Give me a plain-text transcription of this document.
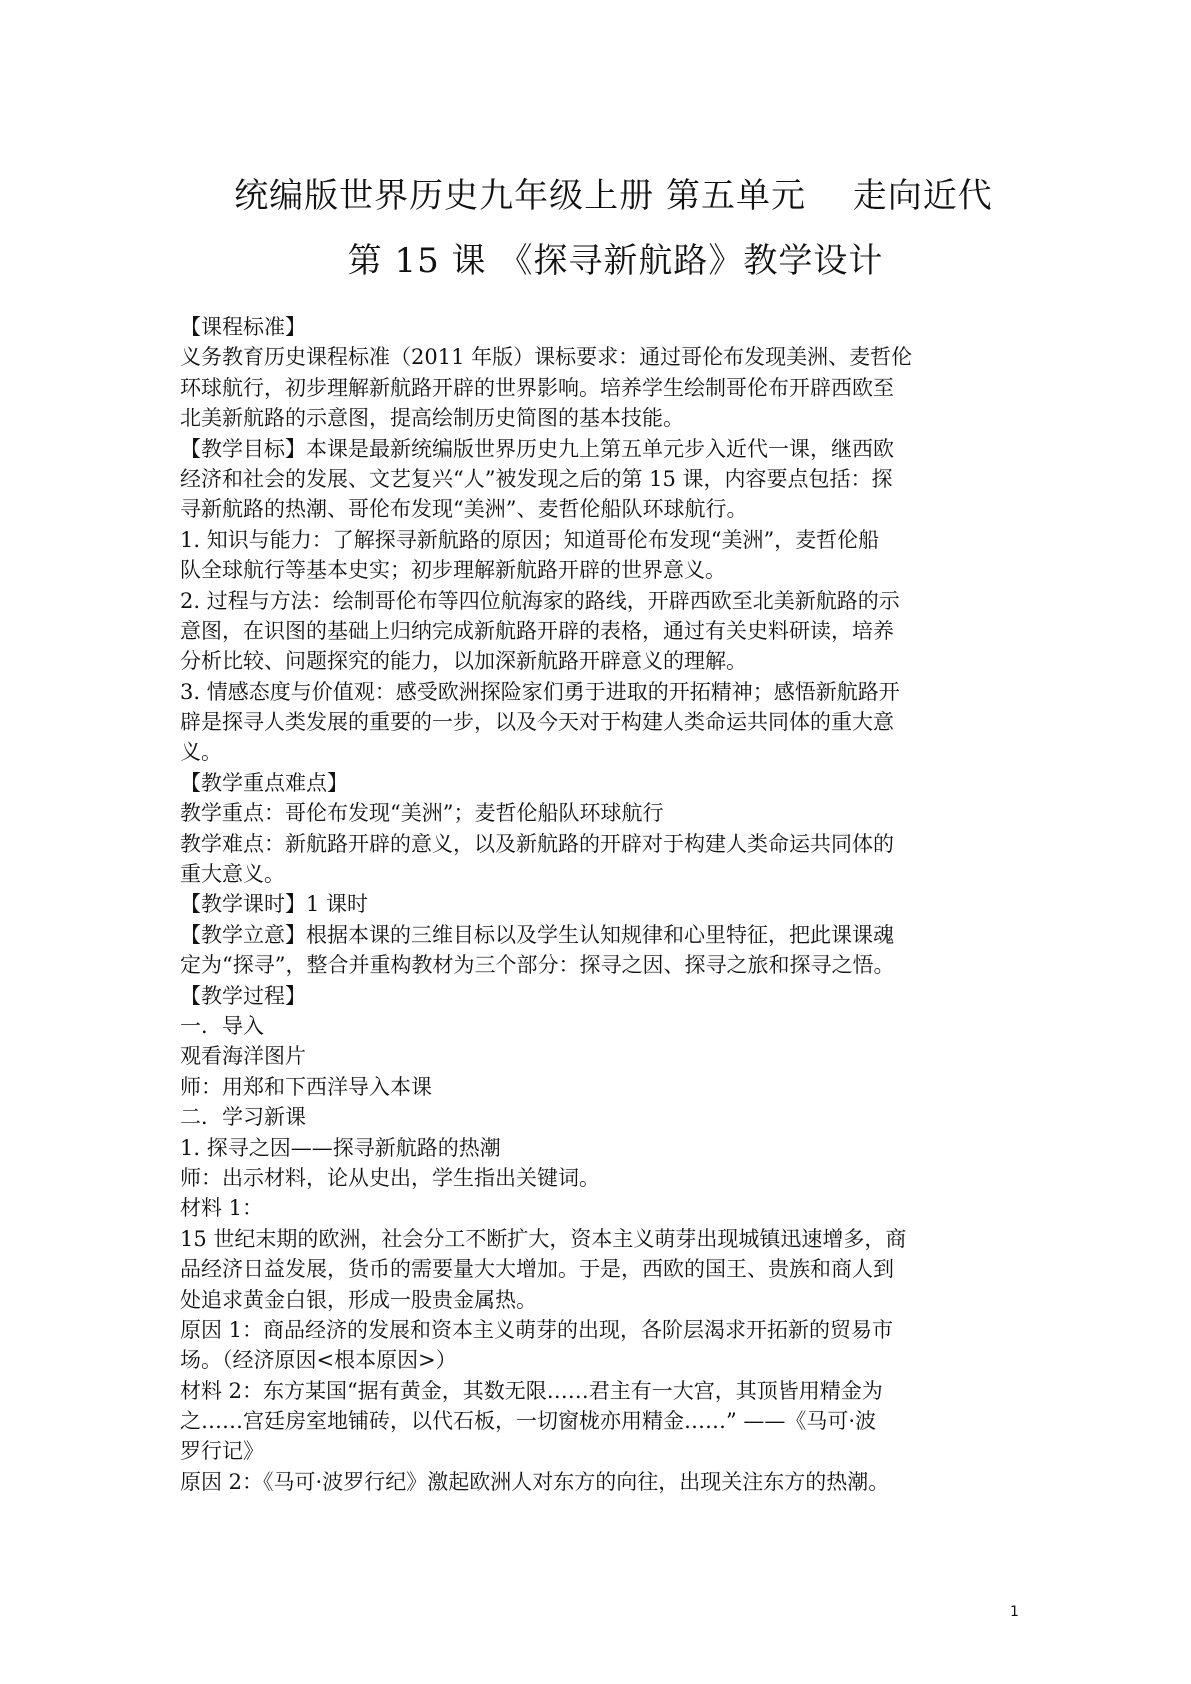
统编版世界历史九年级上册 第五单元　 走向近代
第 15 课 《探寻新航路》教学设计
【课程标准】
义务教育历史课程标准（2011 年版）课标要求：通过哥伦布发现美洲、麦哲伦
环球航行，初步理解新航路开辟的世界影响。培养学生绘制哥伦布开辟西欧至
北美新航路的示意图，提高绘制历史简图的基本技能。
【教学目标】本课是最新统编版世界历史九上第五单元步入近代一课，继西欧
经济和社会的发展、文艺复兴“人”被发现之后的第 15 课，内容要点包括：探
寻新航路的热潮、哥伦布发现“美洲”、麦哲伦船队环球航行。
1. 知识与能力：了解探寻新航路的原因；知道哥伦布发现“美洲”，麦哲伦船
队全球航行等基本史实；初步理解新航路开辟的世界意义。
2. 过程与方法：绘制哥伦布等四位航海家的路线，开辟西欧至北美新航路的示
意图，在识图的基础上归纳完成新航路开辟的表格，通过有关史料研读，培养
分析比较、问题探究的能力，以加深新航路开辟意义的理解。
3. 情感态度与价值观：感受欧洲探险家们勇于进取的开拓精神；感悟新航路开
辟是探寻人类发展的重要的一步，以及今天对于构建人类命运共同体的重大意
义。
【教学重点难点】
教学重点：哥伦布发现“美洲”；麦哲伦船队环球航行
教学难点：新航路开辟的意义，以及新航路的开辟对于构建人类命运共同体的
重大意义。
【教学课时】1 课时
【教学立意】根据本课的三维目标以及学生认知规律和心里特征，把此课课魂
定为“探寻”，整合并重构教材为三个部分：探寻之因、探寻之旅和探寻之悟。
【教学过程】
一．导入
观看海洋图片
师：用郑和下西洋导入本课
二．学习新课
1. 探寻之因——探寻新航路的热潮
师：出示材料，论从史出，学生指出关键词。
材料 1：
15 世纪末期的欧洲，社会分工不断扩大，资本主义萌芽出现城镇迅速增多，商
品经济日益发展，货币的需要量大大增加。于是，西欧的国王、贵族和商人到
处追求黄金白银，形成一股贵金属热。
原因 1：商品经济的发展和资本主义萌芽的出现，各阶层渴求开拓新的贸易市
场。（经济原因<根本原因>）
材料 2：东方某国“据有黄金，其数无限……君主有一大宫，其顶皆用精金为
之……宫廷房室地铺砖，以代石板，一切窗栊亦用精金……” ——《马可·波
罗行记》
原因 2：《马可·波罗行纪》激起欧洲人对东方的向往，出现关注东方的热潮。
1
